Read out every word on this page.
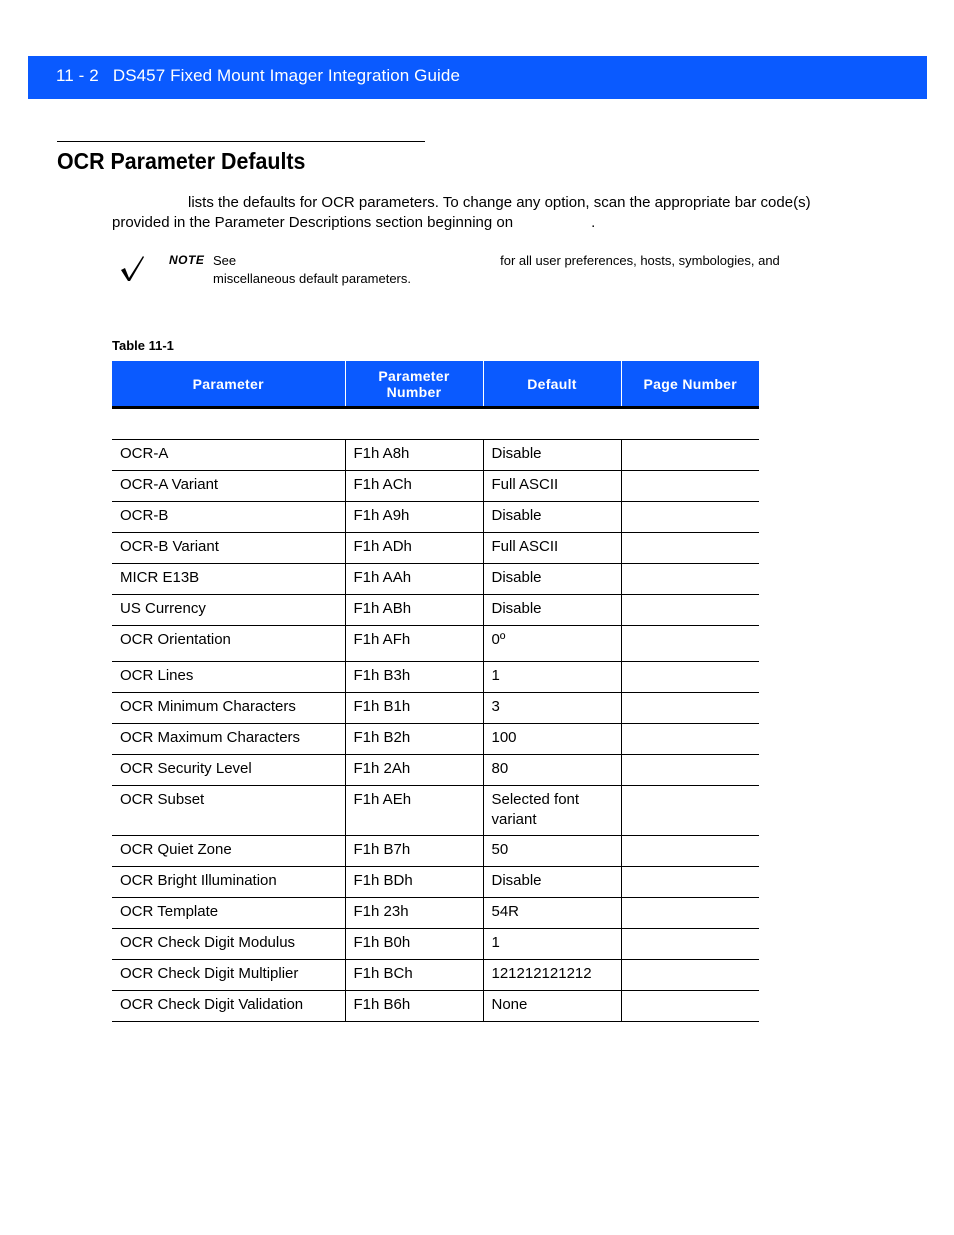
11 - 2 DS457 Fixed Mount Imager Integration Guide
OCR Parameter Defaults
lists the defaults for OCR parameters. To change any option, scan the appropriate bar code(s)
provided in the Parameter Descriptions section beginning on	.
NOTE See	for all user preferences, hosts, symbologies, and
miscellaneous default parameters.
Table 11-1
Parameter	Parameter Number	Default	Page Number

OCR-A	F1h A8h	Disable	
OCR-A Variant	F1h ACh	Full ASCII	
OCR-B	F1h A9h	Disable	
OCR-B Variant	F1h ADh	Full ASCII	
MICR E13B	F1h AAh	Disable	
US Currency	F1h ABh	Disable	
OCR Orientation	F1h AFh	0º	
OCR Lines	F1h B3h	1	
OCR Minimum Characters	F1h B1h	3	
OCR Maximum Characters	F1h B2h	100	
OCR Security Level	F1h 2Ah	80	
OCR Subset	F1h AEh	Selected font variant	
OCR Quiet Zone	F1h B7h	50	
OCR Bright Illumination	F1h BDh	Disable	
OCR Template	F1h 23h	54R	
OCR Check Digit Modulus	F1h B0h	1	
OCR Check Digit Multiplier	F1h BCh	121212121212	
OCR Check Digit Validation	F1h B6h	None	
